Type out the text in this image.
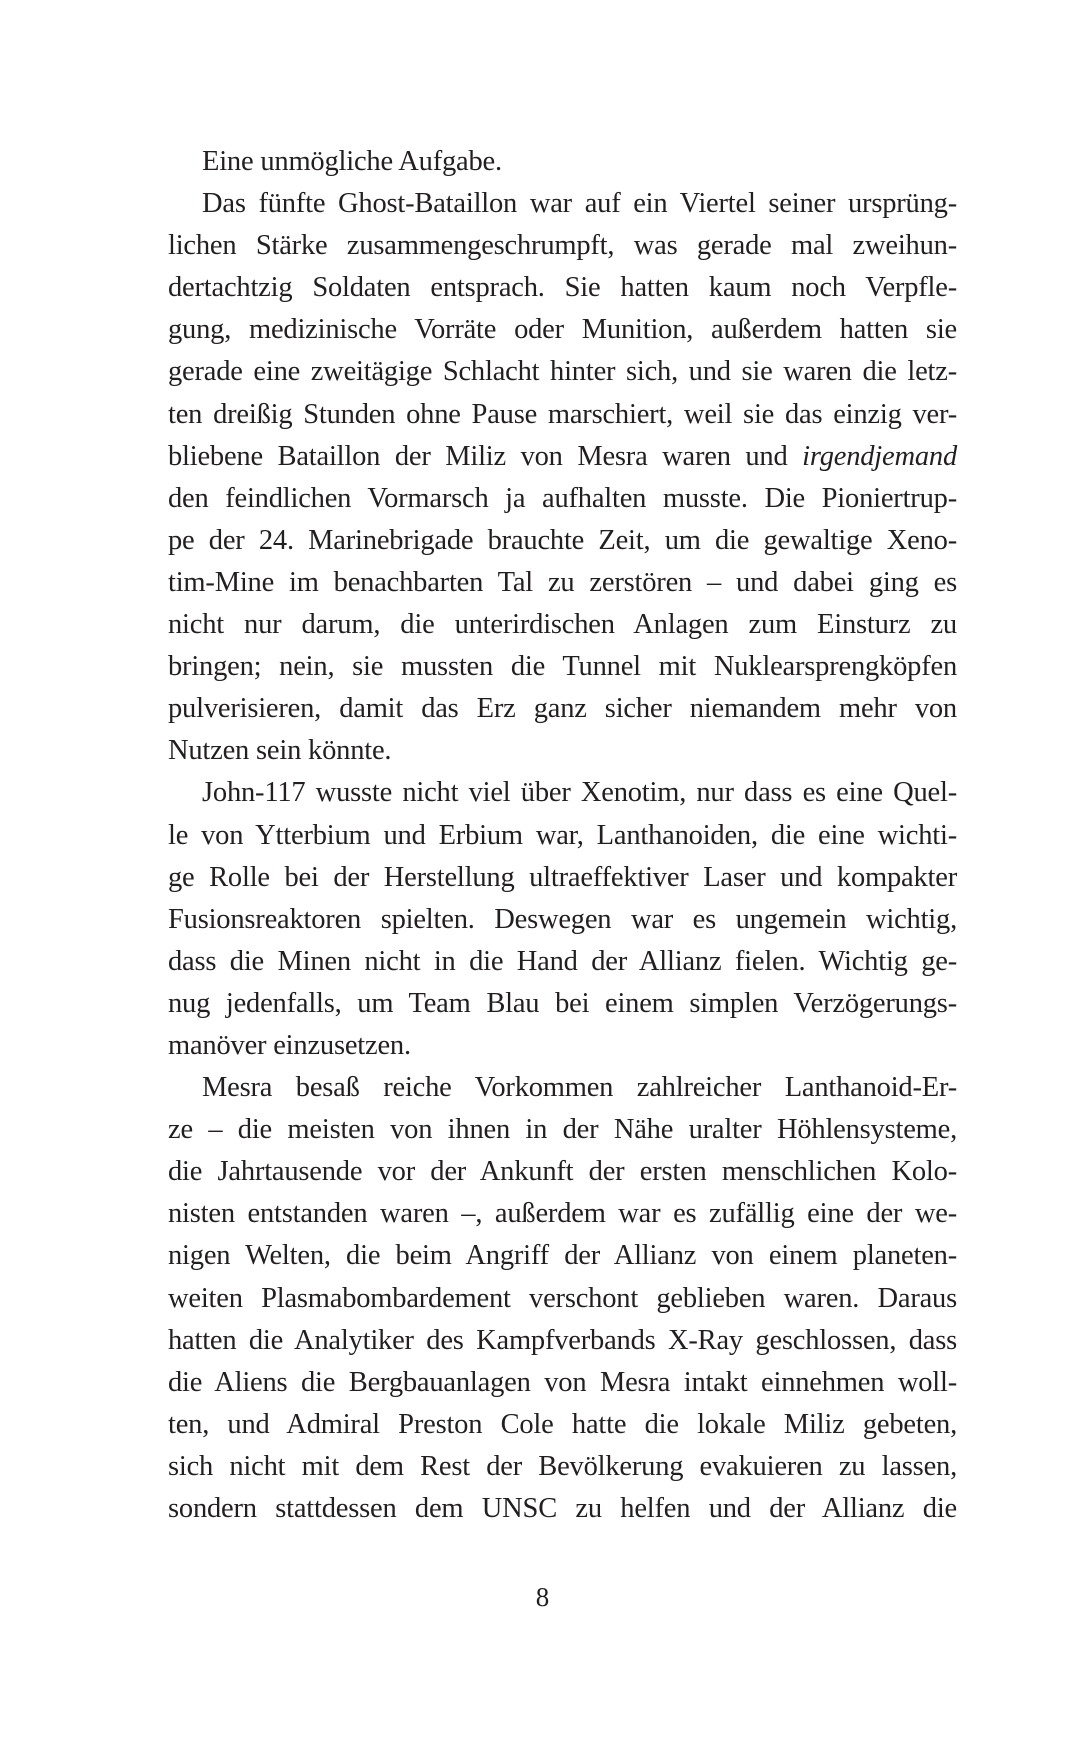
Eine unmögliche Aufgabe.
Das fünfte Ghost-Bataillon war auf ein Viertel seiner ursprüng-
lichen Stärke zusammengeschrumpft, was gerade mal zweihun-
dertachtzig Soldaten entsprach. Sie hatten kaum noch Verpfle-
gung, medizinische Vorräte oder Munition, außerdem hatten sie
gerade eine zweitägige Schlacht hinter sich, und sie waren die letz-
ten dreißig Stunden ohne Pause marschiert, weil sie das einzig ver-
bliebene Bataillon der Miliz von Mesra waren und irgendjemand
den feindlichen Vormarsch ja aufhalten musste. Die Pioniertrup-
pe der 24. Marinebrigade brauchte Zeit, um die gewaltige Xeno-
tim-Mine im benachbarten Tal zu zerstören – und dabei ging es
nicht nur darum, die unterirdischen Anlagen zum Einsturz zu
bringen; nein, sie mussten die Tunnel mit Nuklearsprengköpfen
pulverisieren, damit das Erz ganz sicher niemandem mehr von
Nutzen sein könnte.
John-117 wusste nicht viel über Xenotim, nur dass es eine Quel-
le von Ytterbium und Erbium war, Lanthanoiden, die eine wichti-
ge Rolle bei der Herstellung ultraeffektiver Laser und kompakter
Fusionsreaktoren spielten. Deswegen war es ungemein wichtig,
dass die Minen nicht in die Hand der Allianz fielen. Wichtig ge-
nug jedenfalls, um Team Blau bei einem simplen Verzögerungs-
manöver einzusetzen.
Mesra besaß reiche Vorkommen zahlreicher Lanthanoid-Er-
ze – die meisten von ihnen in der Nähe uralter Höhlensysteme,
die Jahrtausende vor der Ankunft der ersten menschlichen Kolo-
nisten entstanden waren –, außerdem war es zufällig eine der we-
nigen Welten, die beim Angriff der Allianz von einem planeten-
weiten Plasmabombardement verschont geblieben waren. Daraus
hatten die Analytiker des Kampfverbands X-Ray geschlossen, dass
die Aliens die Bergbauanlagen von Mesra intakt einnehmen woll-
ten, und Admiral Preston Cole hatte die lokale Miliz gebeten,
sich nicht mit dem Rest der Bevölkerung evakuieren zu lassen,
sondern stattdessen dem UNSC zu helfen und der Allianz die
8
